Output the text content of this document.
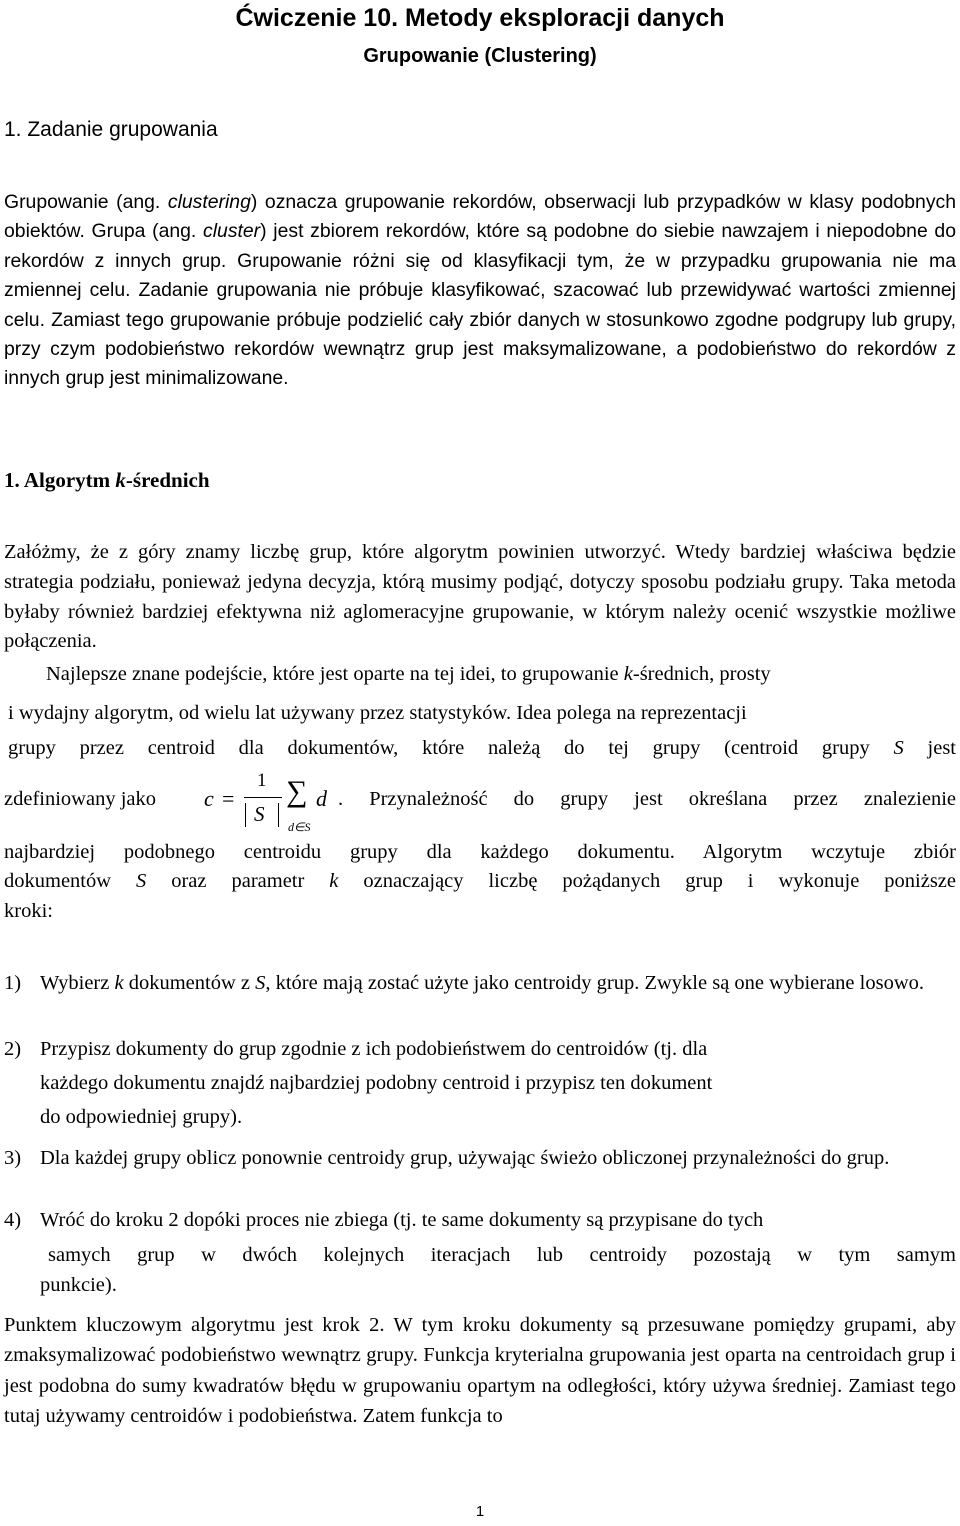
Ćwiczenie 10. Metody eksploracji danych
Grupowanie (Clustering)
1. Zadanie grupowania
Grupowanie (ang. clustering) oznacza grupowanie rekordów, obserwacji lub przypadków w klasy podobnych obiektów. Grupa (ang. cluster) jest zbiorem rekordów, które są podobne do siebie nawzajem i niepodobne do rekordów z innych grup. Grupowanie różni się od klasyfikacji tym, że w przypadku grupowania nie ma zmiennej celu. Zadanie grupowania nie próbuje klasyfikować, szacować lub przewidywać wartości zmiennej celu. Zamiast tego grupowanie próbuje podzielić cały zbiór danych w stosunkowo zgodne podgrupy lub grupy, przy czym podobieństwo rekordów wewnątrz grup jest maksymalizowane, a podobieństwo do rekordów z innych grup jest minimalizowane.
1. Algorytm k-średnich
Załóżmy, że z góry znamy liczbę grup, które algorytm powinien utworzyć. Wtedy bardziej właściwa będzie strategia podziału, ponieważ jedyna decyzja, którą musimy podjąć, dotyczy sposobu podziału grupy. Taka metoda byłaby również bardziej efektywna niż aglomeracyjne grupowanie, w którym należy ocenić wszystkie możliwe połączenia.
Najlepsze znane podejście, które jest oparte na tej idei, to grupowanie k-średnich, prosty
i wydajny algorytm, od wielu lat używany przez statystyków. Idea polega na reprezentacji
grupy przez centroid dla dokumentów, które należą do tej grupy (centroid grupy S jest
zdefiniowany jako c =
1
S
∑
d∈S
d . Przynależność do grupy jest określana przez znalezienie
najbardziej podobnego centroidu grupy dla każdego dokumentu. Algorytm wczytuje zbiór
dokumentów S oraz parametr k oznaczający liczbę pożądanych grup i wykonuje poniższe
kroki:
1) Wybierz k dokumentów z S, które mają zostać użyte jako centroidy grup. Zwykle są one wybierane losowo.
2) Przypisz dokumenty do grup zgodnie z ich podobieństwem do centroidów (tj. dla
każdego dokumentu znajdź najbardziej podobny centroid i przypisz ten dokument
do odpowiedniej grupy).
3) Dla każdej grupy oblicz ponownie centroidy grup, używając świeżo obliczonej przynależności do grup.
4) Wróć do kroku 2 dopóki proces nie zbiega (tj. te same dokumenty są przypisane do tych
samych grup w dwóch kolejnych iteracjach lub centroidy pozostają w tym samym
punkcie).
Punktem kluczowym algorytmu jest krok 2. W tym kroku dokumenty są przesuwane pomiędzy grupami, aby zmaksymalizować podobieństwo wewnątrz grupy. Funkcja kryterialna grupowania jest oparta na centroidach grup i jest podobna do sumy kwadratów błędu w grupowaniu opartym na odległości, który używa średniej. Zamiast tego tutaj używamy centroidów i podobieństwa. Zatem funkcja to
1
